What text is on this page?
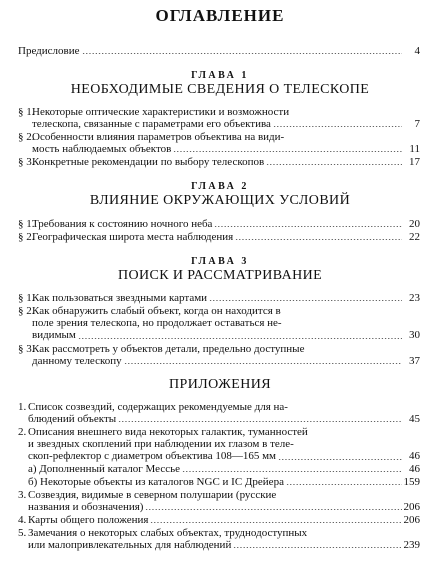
ОГЛАВЛЕНИЕ
Предисловие	4
ГЛАВА 1
НЕОБХОДИМЫЕ СВЕДЕНИЯ О ТЕЛЕСКОПЕ
§ 1.
Некоторые оптические характеристики и возможности
телескопа, связанные с параметрами его объектива	7
§ 2.
Особенности влияния параметров объектива на види-
мость наблюдаемых объектов	11
§ 3.
Конкретные рекомендации по выбору телескопов	17
ГЛАВА 2
ВЛИЯНИЕ ОКРУЖАЮЩИХ УСЛОВИЙ
§ 1.
Требования к состоянию ночного неба	20
§ 2.
Географическая широта места наблюдения	22
ГЛАВА 3
ПОИСК И РАССМАТРИВАНИЕ
§ 1.
Как пользоваться звездными картами	23
§ 2.
Как обнаружить слабый объект, когда он находится в
поле зрения телескопа, но продолжает оставаться не-
видимым	30
§ 3.
Как рассмотреть у объектов детали, предельно доступные
данному телескопу	37
ПРИЛОЖЕНИЯ
1. Список созвездий, содержащих рекомендуемые для на-
блюдений объекты	45
2. Описания внешнего вида некоторых галактик, туманностей
и звездных скоплений при наблюдении их глазом в теле-
скоп-рефлектор с диаметром объектива 108—165 мм	46
а) Дополненный каталог Мессье	46
б) Некоторые объекты из каталогов NGC и IC Дрейера	159
3. Созвездия, видимые в северном полушарии (русские
названия и обозначения)	206
4. Карты общего положения	206
5. Замечания о некоторых слабых объектах, труднодоступных
или малопривлекательных для наблюдений	239
